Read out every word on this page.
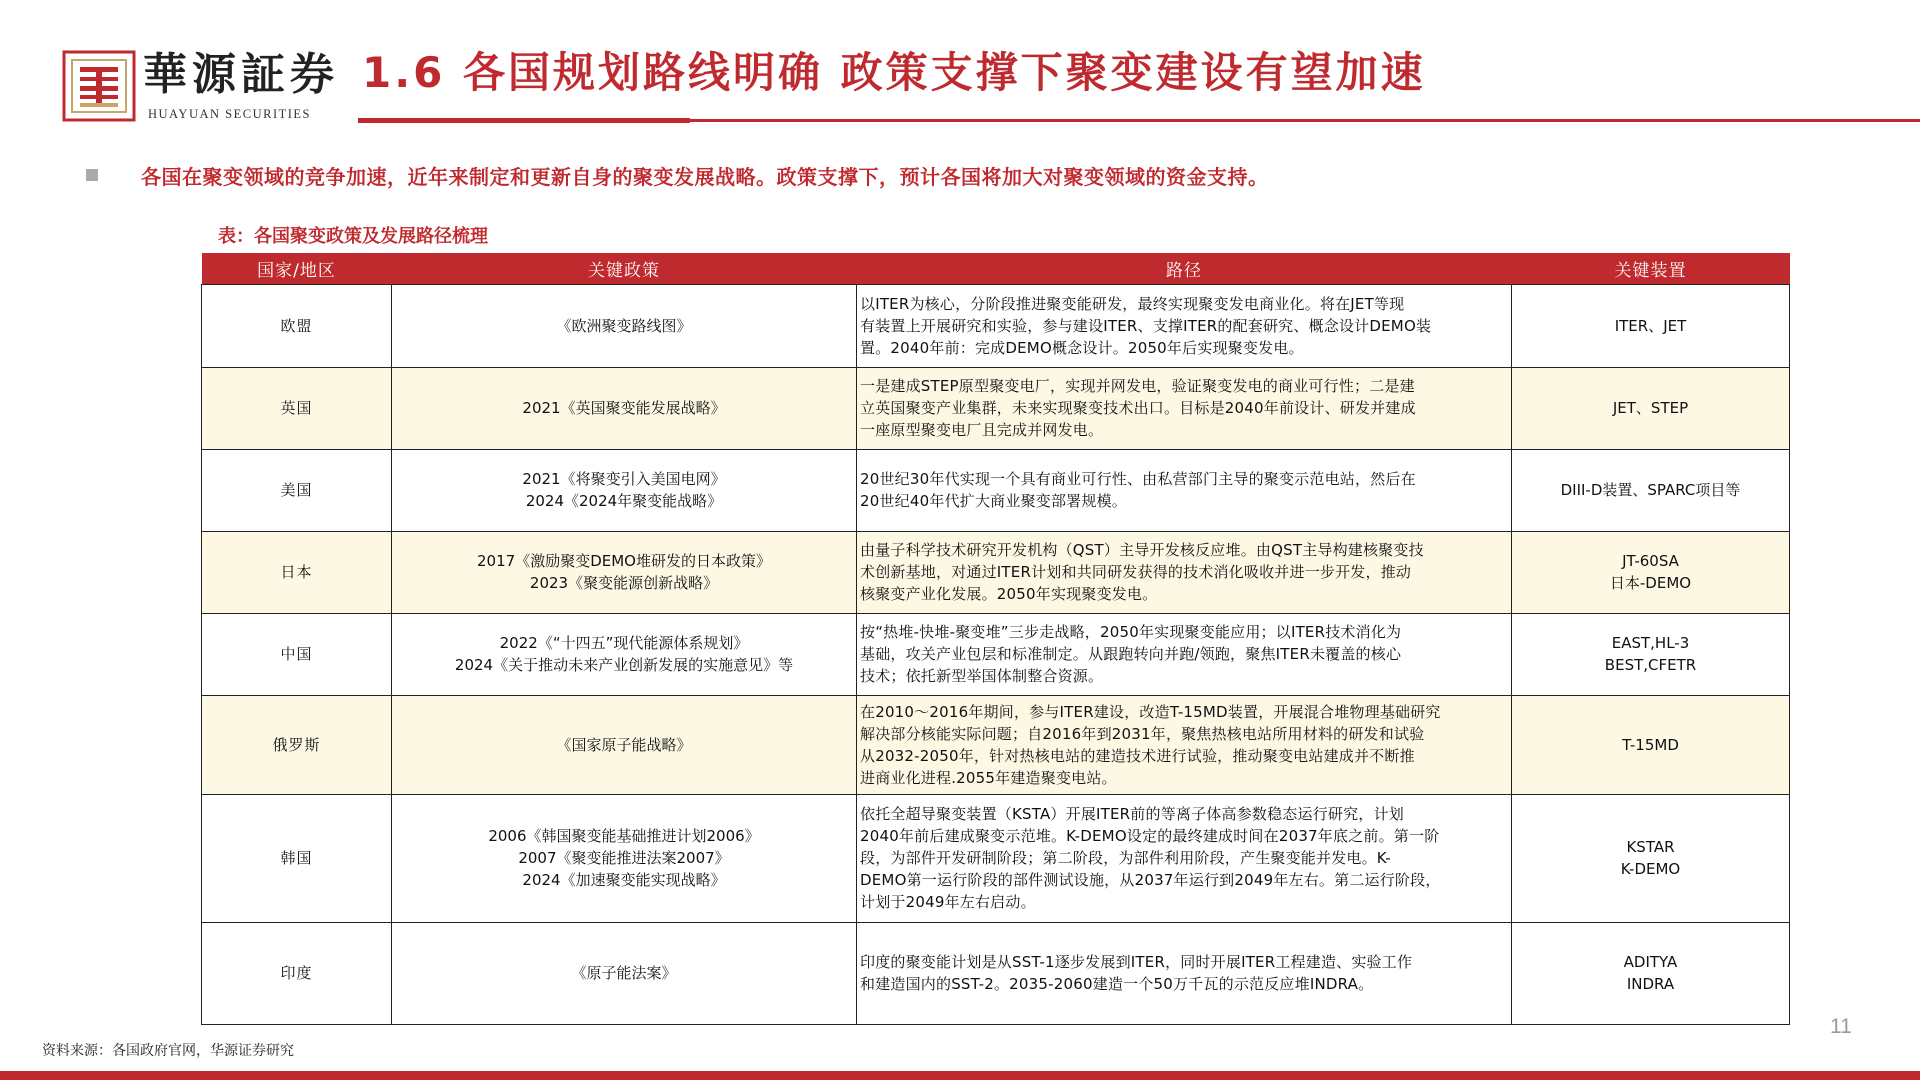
華源証券
HUAYUAN SECURITIES
1.6 各国规划路线明确 政策支撑下聚变建设有望加速
各国在聚变领域的竞争加速，近年来制定和更新自身的聚变发展战略。政策支撑下，预计各国将加大对聚变领域的资金支持。
表：各国聚变政策及发展路径梳理
国家/地区	关键政策	路径	关键装置
欧盟	《欧洲聚变路线图》	以ITER为核心，分阶段推进聚变能研发，最终实现聚变发电商业化。将在JET等现
有装置上开展研究和实验，参与建设ITER、支撑ITER的配套研究、概念设计DEMO装
置。2040年前：完成DEMO概念设计。2050年后实现聚变发电。	ITER、JET

英国	2021《英国聚变能发展战略》	一是建成STEP原型聚变电厂，实现并网发电，验证聚变发电的商业可行性；二是建
立英国聚变产业集群，未来实现聚变技术出口。目标是2040年前设计、研发并建成
一座原型聚变电厂且完成并网发电。	JET、STEP

美国	2021《将聚变引入美国电网》
2024《2024年聚变能战略》	20世纪30年代实现一个具有商业可行性、由私营部门主导的聚变示范电站，然后在
20世纪40年代扩大商业聚变部署规模。	DIII-D装置、SPARC项目等

日本	2017《激励聚变DEMO堆研发的日本政策》
2023《聚变能源创新战略》	由量子科学技术研究开发机构（QST）主导开发核反应堆。由QST主导构建核聚变技
术创新基地，对通过ITER计划和共同研发获得的技术消化吸收并进一步开发，推动
核聚变产业化发展。2050年实现聚变发电。	JT-60SA
日本-DEMO

中国	2022《“十四五”现代能源体系规划》
2024《关于推动未来产业创新发展的实施意见》等	按“热堆-快堆-聚变堆”三步走战略，2050年实现聚变能应用；以ITER技术消化为
基础，攻关产业包层和标准制定。从跟跑转向并跑/领跑，聚焦ITER未覆盖的核心
技术；依托新型举国体制整合资源。	EAST,HL-3
BEST,CFETR

俄罗斯	《国家原子能战略》	在2010～2016年期间，参与ITER建设，改造T-15MD装置，开展混合堆物理基础研究
解决部分核能实际问题；自2016年到2031年，聚焦热核电站所用材料的研发和试验
从2032-2050年，针对热核电站的建造技术进行试验，推动聚变电站建成并不断推
进商业化进程.2055年建造聚变电站。	T-15MD

韩国	2006《韩国聚变能基础推进计划2006》
2007《聚变能推进法案2007》
2024《加速聚变能实现战略》	依托全超导聚变装置（KSTA）开展ITER前的等离子体高参数稳态运行研究，计划
2040年前后建成聚变示范堆。K-DEMO设定的最终建成时间在2037年底之前。第一阶
段，为部件开发研制阶段；第二阶段，为部件利用阶段，产生聚变能并发电。K-
DEMO第一运行阶段的部件测试设施，从2037年运行到2049年左右。第二运行阶段，
计划于2049年左右启动。	KSTAR
K-DEMO

印度	《原子能法案》	印度的聚变能计划是从SST-1逐步发展到ITER，同时开展ITER工程建造、实验工作
和建造国内的SST-2。2035-2060建造一个50万千瓦的示范反应堆INDRA。	ADITYA
INDRA
资料来源：各国政府官网，华源证券研究
11
